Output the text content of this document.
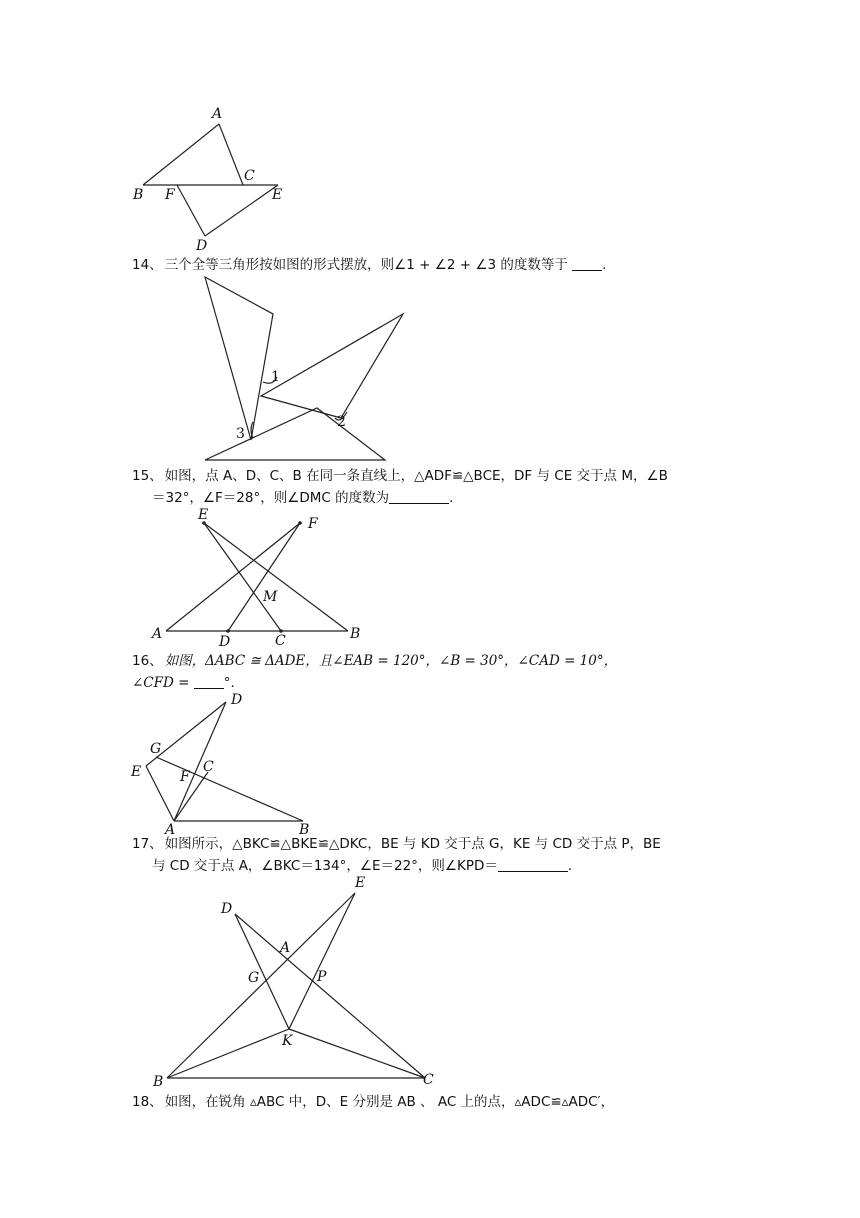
A
B
C
F	E
D
14、 三个全等三角形按如图的形式摆放，则∠1 + ∠2 + ∠3 的度数等于	.
1
2
3
15、 如图，点 A、D、C、B 在同一条直线上，△ADF≌△BCE，DF 与 CE 交于点 M，∠B
＝32°，∠F＝28°，则∠DMC 的度数为	.
E
F
M
A	D	C	B
16、 如图，ΔABC ≅ ΔADE，且∠EAB = 120°，∠B = 30°，∠CAD = 10°，
∠CFD =	°.
D
G
E	F
C
A	B
17、 如图所示，△BKC≌△BKE≌△DKC，BE 与 KD 交于点 G，KE 与 CD 交于点 P，BE
与 CD 交于点 A，∠BKC＝134°，∠E＝22°，则∠KPD＝	.
D
E
A
G	P
K
B	C
18、 如图，在锐角 ▵ABC 中，D、E 分别是 AB 、 AC 上的点，▵ADC≌▵ADC′，
